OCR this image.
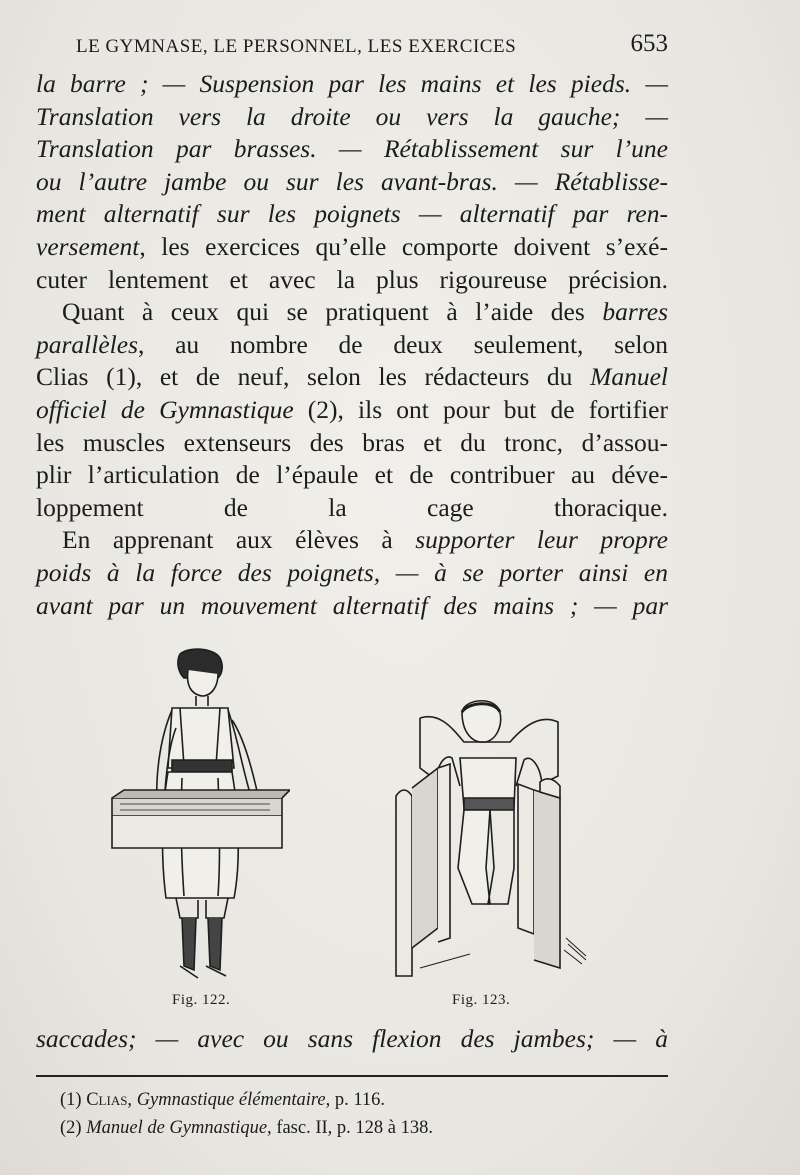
LE GYMNASE, LE PERSONNEL, LES EXERCICES	653

la barre ; — Suspension par les mains et les pieds. —
Translation vers la droite ou vers la gauche; —
Translation par brasses. — Rétablissement sur l’une
ou l’autre jambe ou sur les avant-bras. — Rétablisse-
ment alternatif sur les poignets — alternatif par ren-
versement, les exercices qu’elle comporte doivent s’exé-
cuter lentement et avec la plus rigoureuse précision.

Quant à ceux qui se pratiquent à l’aide des barres
parallèles, au nombre de deux seulement, selon
Clias (1), et de neuf, selon les rédacteurs du Manuel
officiel de Gymnastique (2), ils ont pour but de fortifier
les muscles extenseurs des bras et du tronc, d’assou-
plir l’articulation de l’épaule et de contribuer au déve-
loppement de la cage thoracique.

En apprenant aux élèves à supporter leur propre
poids à la force des poignets, — à se porter ainsi en
avant par un mouvement alternatif des mains ; — par

Fig. 122.	Fig. 123.
saccades; — avec ou sans flexion des jambes; — à
(1) Clias, Gymnastique élémentaire, p. 116.
(2) Manuel de Gymnastique, fasc. II, p. 128 à 138.
